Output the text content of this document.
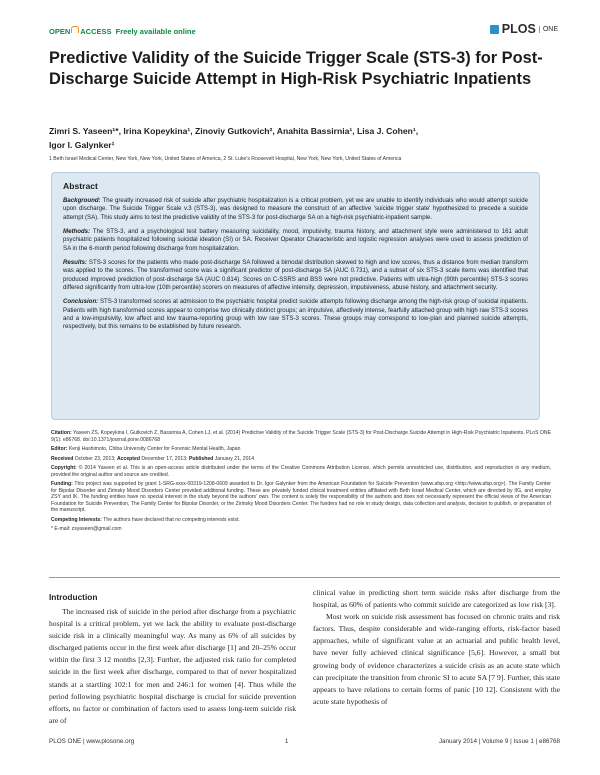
OPEN ACCESS Freely available online	PLOS	ONE
Predictive Validity of the Suicide Trigger Scale (STS-3) for Post-Discharge Suicide Attempt in High-Risk Psychiatric Inpatients
Zimri S. Yaseen¹*, Irina Kopeykina¹, Zinoviy Gutkovich², Anahita Bassirnia¹, Lisa J. Cohen¹,
Igor I. Galynker¹
1 Beth Israel Medical Center, New York, New York, United States of America, 2 St. Luke's Roosevelt Hospital, New York, New York, United States of America
Abstract

Background: The greatly increased risk of suicide after psychiatric hospitalization is a critical problem, yet we are unable to identify individuals who would attempt suicide upon discharge. The Suicide Trigger Scale v.3 (STS-3), was designed to measure the construct of an affective 'suicide trigger state' hypothesized to precede a suicide attempt (SA). This study aims to test the predictive validity of the STS-3 for post-discharge SA on a high-risk psychiatric-inpatient sample.

Methods: The STS-3, and a psychological test battery measuring suicidality, mood, impulsivity, trauma history, and attachment style were administered to 161 adult psychiatric patients hospitalized following suicidal ideation (SI) or SA. Receiver Operator Characteristic and logistic regression analyses were used to assess prediction of SA in the 6-month period following discharge from hospitalization.

Results: STS-3 scores for the patients who made post-discharge SA followed a bimodal distribution skewed to high and low scores, thus a distance from median transform was applied to the scores. The transformed score was a significant predictor of post-discharge SA (AUC 0.731), and a subset of six STS-3 scale items was identified that produced improved prediction of post-discharge SA (AUC 0.814). Scores on C-SSRS and BSS were not predictive. Patients with ultra-high (90th percentile) STS-3 scores differed significantly from ultra-low (10th percentile) scorers on measures of affective intensity, depression, impulsiveness, abuse history, and attachment security.

Conclusion: STS-3 transformed scores at admission to the psychiatric hospital predict suicide attempts following discharge among the high-risk group of suicidal inpatients. Patients with high transformed scores appear to comprise two clinically distinct groups; an impulsive, affectively intense, fearfully attached group with high raw STS-3 scores and a low-impulsivity, low affect and low trauma-reporting group with low raw STS-3 scores. These groups may correspond to low-plan and planned suicide attempts, respectively, but this remains to be established by future research.

Citation: Yaseen ZS, Kopeykina I, Gutkovich Z, Bassirnia A, Cohen LJ, et al. (2014) Predictive Validity of the Suicide Trigger Scale (STS-3) for Post-Discharge Suicide Attempt in High-Risk Psychiatric Inpatients. PLoS ONE 9(1): e86768. doi:10.1371/journal.pone.0086768

Editor: Kenji Hashimoto, Chiba University Center for Forensic Mental Health, Japan

Received October 23, 2013; Accepted December 17, 2013; Published January 21, 2014

Copyright: © 2014 Yaseen et al. This is an open-access article distributed under the terms of the Creative Commons Attribution License, which permits unrestricted use, distribution, and reproduction in any medium, provided the original author and source are credited.

Funding: This project was supported by grant 1-SRG-xxxx-00319-1208-0609 awarded to Dr. Igor Galynker from the American Foundation for Suicide Prevention (www.afsp.org <http://www.afsp.org>). The Family Center for Bipolar Disorder and Zirinsky Mood Disorders Center provided additional funding. These are privately funded clinical treatment entities affiliated with Beth Israel Medical Center, which are directed by IIG, and employ ZSY and IK. The funding entities have no special interest in the study beyond the authors' own. The content is solely the responsibility of the authors and does not necessarily represent the official views of the American Foundation for Suicide Prevention, The Family Center for Bipolar Disorder, or the Zirinsky Mood Disorders Center. The funders had no role in study design, data collection and analysis, decision to publish, or preparation of the manuscript.

Competing Interests: The authors have declared that no competing interests exist.

* E-mail: zsyaseen@gmail.com

Introduction

The increased risk of suicide in the period after discharge from a psychiatric hospital is a critical problem, yet we lack the ability to evaluate post-discharge suicide risk in a clinically meaningful way. As many as 6% of all suicides by discharged patients occur in the first week after discharge [1] and 20–25% occur within the first 3 12 months [2,3]. Further, the adjusted risk ratio for completed suicide in the first week after discharge, compared to that of never hospitalized stands at a startling 102:1 for men and 246:1 for women [4]. Thus while the period following psychiatric hospital discharge is crucial for suicide prevention efforts, no factor or combination of factors used to assess long-term suicide risk are of

clinical value in predicting short term suicide risks after discharge from the hospital, as 60% of patients who commit suicide are categorized as low risk [3].

Most work on suicide risk assessment has focused on chronic traits and risk factors. Thus, despite considerable and wide-ranging efforts, risk-factor based approaches, while of significant value at an actuarial and public health level, have never fully achieved clinical significance [5,6]. However, a small but growing body of evidence characterizes a suicide crisis as an acute state which can precipitate the transition from chronic SI to acute SA [7 9]. Further, this state appears to have relations to certain forms of panic [10 12]. Consistent with the acute state hypothesis of

PLOS ONE | www.plosone.org	1	January 2014 | Volume 9 | Issue 1 | e86768
